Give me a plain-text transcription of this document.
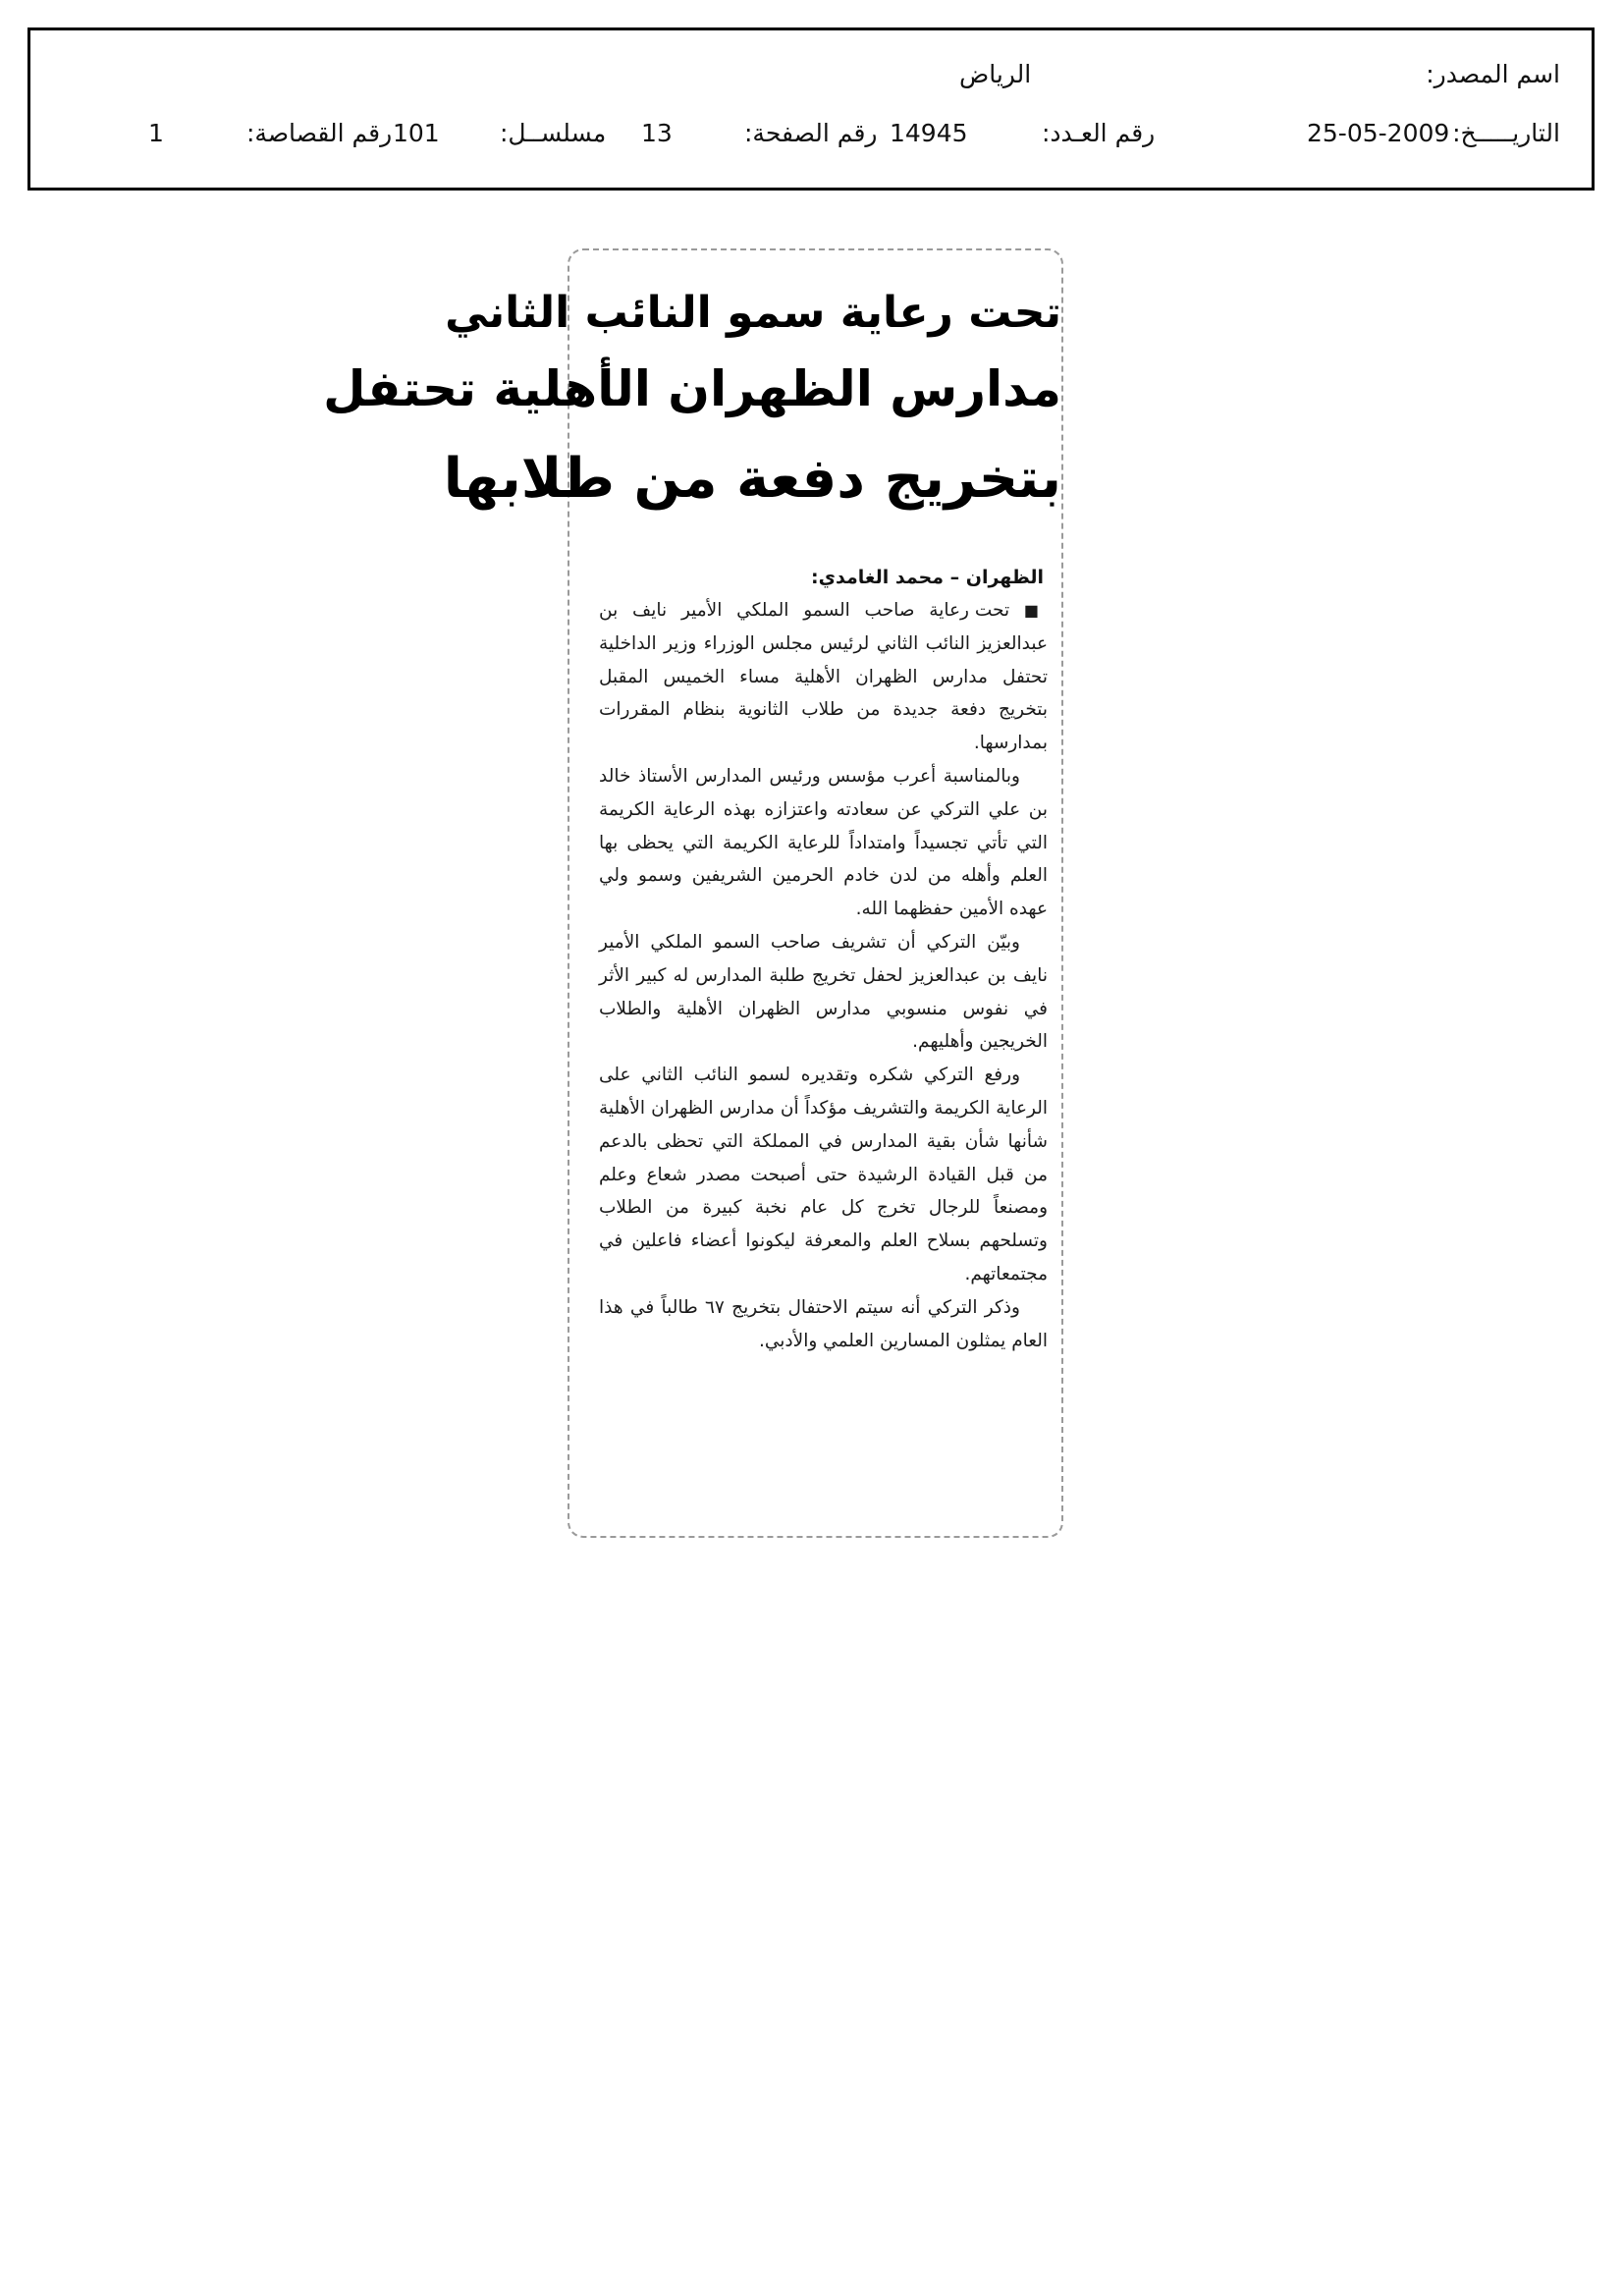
اسم المصدر:
الرياض
التاريـــــخ:
25-05-2009
رقم العـدد:
14945
رقم الصفحة:
13
مسلســل:
101
رقم القصاصة:
1
تحت رعاية سمو النائب الثاني
مدارس الظهران الأهلية تحتفل
بتخريج دفعة من طلابها
الظهران – محمد الغامدي:

■ تحت رعاية صاحب السمو الملكي الأمير نايف بن عبدالعزيز النائب الثاني لرئيس مجلس الوزراء وزير الداخلية تحتفل مدارس الظهران الأهلية مساء الخميس المقبل بتخريج دفعة جديدة من طلاب الثانوية بنظام المقررات بمدارسها.

وبالمناسبة أعرب مؤسس ورئيس المدارس الأستاذ خالد بن علي التركي عن سعادته واعتزازه بهذه الرعاية الكريمة التي تأتي تجسيداً وامتداداً للرعاية الكريمة التي يحظى بها العلم وأهله من لدن خادم الحرمين الشريفين وسمو ولي عهده الأمين حفظهما الله.

وبيّن التركي أن تشريف صاحب السمو الملكي الأمير نايف بن عبدالعزيز لحفل تخريج طلبة المدارس له كبير الأثر في نفوس منسوبي مدارس الظهران الأهلية والطلاب الخريجين وأهليهم.

ورفع التركي شكره وتقديره لسمو النائب الثاني على الرعاية الكريمة والتشريف مؤكداً أن مدارس الظهران الأهلية شأنها شأن بقية المدارس في المملكة التي تحظى بالدعم من قبل القيادة الرشيدة حتى أصبحت مصدر شعاع وعلم ومصنعاً للرجال تخرج كل عام نخبة كبيرة من الطلاب وتسلحهم بسلاح العلم والمعرفة ليكونوا أعضاء فاعلين في مجتمعاتهم.

وذكر التركي أنه سيتم الاحتفال بتخريج ٦٧ طالباً في هذا العام يمثلون المسارين العلمي والأدبي.
